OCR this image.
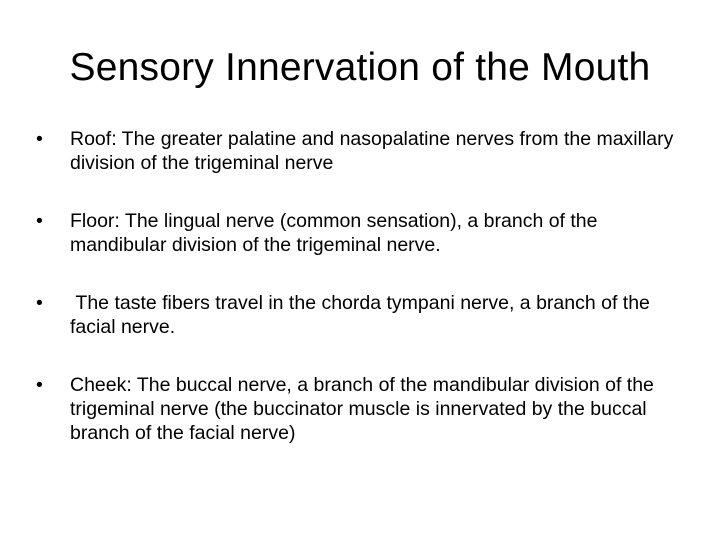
Sensory Innervation of the Mouth
•	Roof: The greater palatine and nasopalatine nerves from the maxillary division of the trigeminal nerve
•	Floor: The lingual nerve (common sensation), a branch of the mandibular division of the trigeminal nerve.
•	The taste fibers travel in the chorda tympani nerve, a branch of the facial nerve.
•	Cheek: The buccal nerve, a branch of the mandibular division of the trigeminal nerve (the buccinator muscle is innervated by the buccal branch of the facial nerve)
